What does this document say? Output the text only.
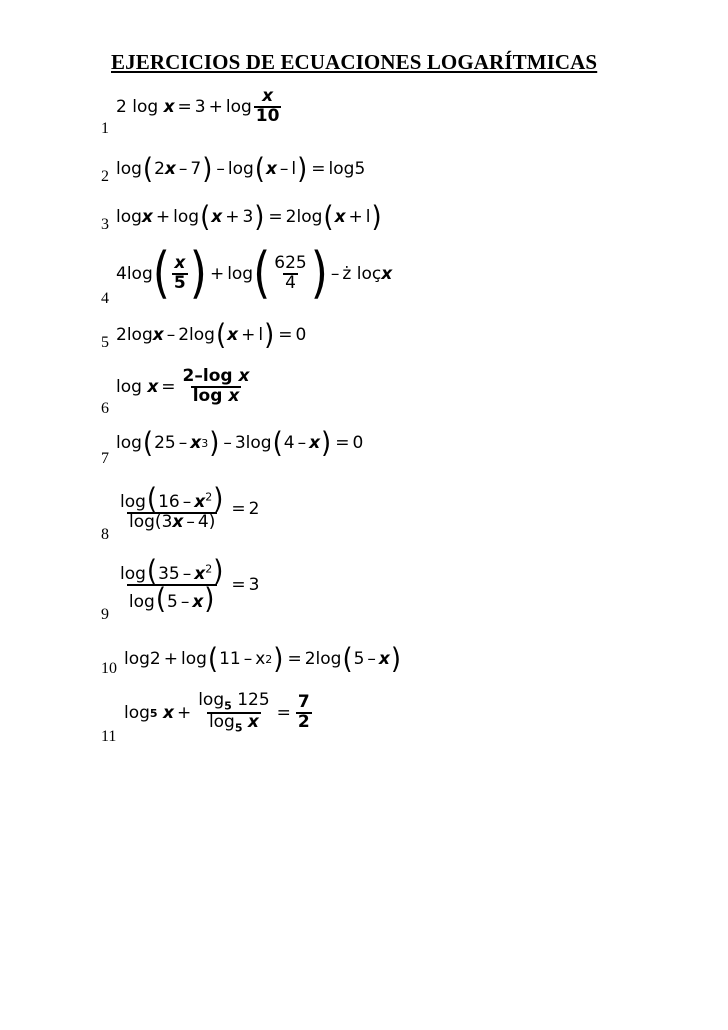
EJERCICIOS DE ECUACIONES LOGARÍTMICAS
1
2
log
$x = 3 + \log \frac{x}{10}$
2 log ( 2 x – 7 ) – log ( x – l ) = log 5
3 log x + log ( x + 3 ) = 2 log ( x + l )
4
4 log ( $\frac{x}{5}$ ) + log ( $\frac{625}{4}$ ) – ż
loç x
5 2 log x – 2 log ( x + l ) = 0
6
log
$x = \frac{\text{2–log x}}{\text{log x}}$
7
log ( 25 – x 3 ) – 3 log ( 4 – x ) = 0
8
$\frac{\log(16 - x^2)}{\log(3x - 4)} = 2$
9
$\frac{\log(35 - x^2)}{\log(5 - x)} = 3$
10 log 2 + log ( 11 – x 2 ) = 2 log ( 5 – x )
11
log 5
$x + \frac{\log_5 125}{\log_5 x} = \frac{7}{2}$
